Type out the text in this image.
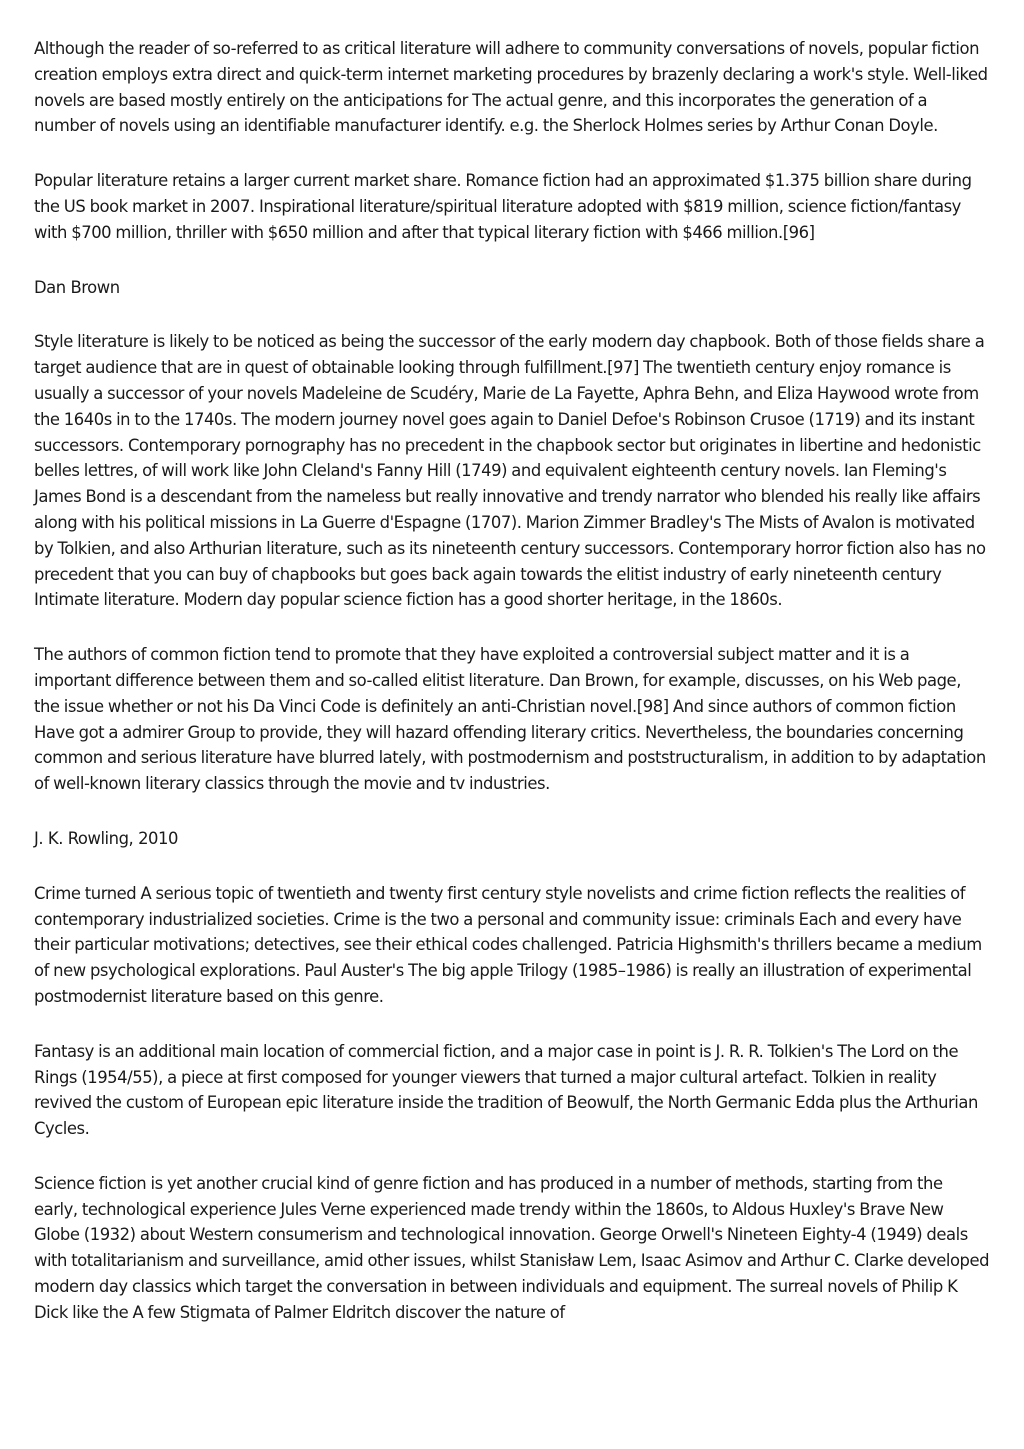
Although the reader of so-referred to as critical literature will adhere to community conversations of novels, popular fiction creation employs extra direct and quick-term internet marketing procedures by brazenly declaring a work's style. Well-liked novels are based mostly entirely on the anticipations for The actual genre, and this incorporates the generation of a number of novels using an identifiable manufacturer identify. e.g. the Sherlock Holmes series by Arthur Conan Doyle.

Popular literature retains a larger current market share. Romance fiction had an approximated $1.375 billion share during the US book market in 2007. Inspirational literature/spiritual literature adopted with $819 million, science fiction/fantasy with $700 million, thriller with $650 million and after that typical literary fiction with $466 million.[96]

Dan Brown

Style literature is likely to be noticed as being the successor of the early modern day chapbook. Both of those fields share a target audience that are in quest of obtainable looking through fulfillment.[97] The twentieth century enjoy romance is usually a successor of your novels Madeleine de Scudéry, Marie de La Fayette, Aphra Behn, and Eliza Haywood wrote from the 1640s in to the 1740s. The modern journey novel goes again to Daniel Defoe's Robinson Crusoe (1719) and its instant successors. Contemporary pornography has no precedent in the chapbook sector but originates in libertine and hedonistic belles lettres, of will work like John Cleland's Fanny Hill (1749) and equivalent eighteenth century novels. Ian Fleming's James Bond is a descendant from the nameless but really innovative and trendy narrator who blended his really like affairs along with his political missions in La Guerre d'Espagne (1707). Marion Zimmer Bradley's The Mists of Avalon is motivated by Tolkien, and also Arthurian literature, such as its nineteenth century successors. Contemporary horror fiction also has no precedent that you can buy of chapbooks but goes back again towards the elitist industry of early nineteenth century Intimate literature. Modern day popular science fiction has a good shorter heritage, in the 1860s.

The authors of common fiction tend to promote that they have exploited a controversial subject matter and it is a important difference between them and so-called elitist literature. Dan Brown, for example, discusses, on his Web page, the issue whether or not his Da Vinci Code is definitely an anti-Christian novel.[98] And since authors of common fiction Have got a admirer Group to provide, they will hazard offending literary critics. Nevertheless, the boundaries concerning common and serious literature have blurred lately, with postmodernism and poststructuralism, in addition to by adaptation of well-known literary classics through the movie and tv industries.

J. K. Rowling, 2010

Crime turned A serious topic of twentieth and twenty first century style novelists and crime fiction reflects the realities of contemporary industrialized societies. Crime is the two a personal and community issue: criminals Each and every have their particular motivations; detectives, see their ethical codes challenged. Patricia Highsmith's thrillers became a medium of new psychological explorations. Paul Auster's The big apple Trilogy (1985–1986) is really an illustration of experimental postmodernist literature based on this genre.

Fantasy is an additional main location of commercial fiction, and a major case in point is J. R. R. Tolkien's The Lord on the Rings (1954/55), a piece at first composed for younger viewers that turned a major cultural artefact. Tolkien in reality revived the custom of European epic literature inside the tradition of Beowulf, the North Germanic Edda plus the Arthurian Cycles.

Science fiction is yet another crucial kind of genre fiction and has produced in a number of methods, starting from the early, technological experience Jules Verne experienced made trendy within the 1860s, to Aldous Huxley's Brave New Globe (1932) about Western consumerism and technological innovation. George Orwell's Nineteen Eighty-4 (1949) deals with totalitarianism and surveillance, amid other issues, whilst Stanisław Lem, Isaac Asimov and Arthur C. Clarke developed modern day classics which target the conversation in between individuals and equipment. The surreal novels of Philip K Dick like the A few Stigmata of Palmer Eldritch discover the nature of
